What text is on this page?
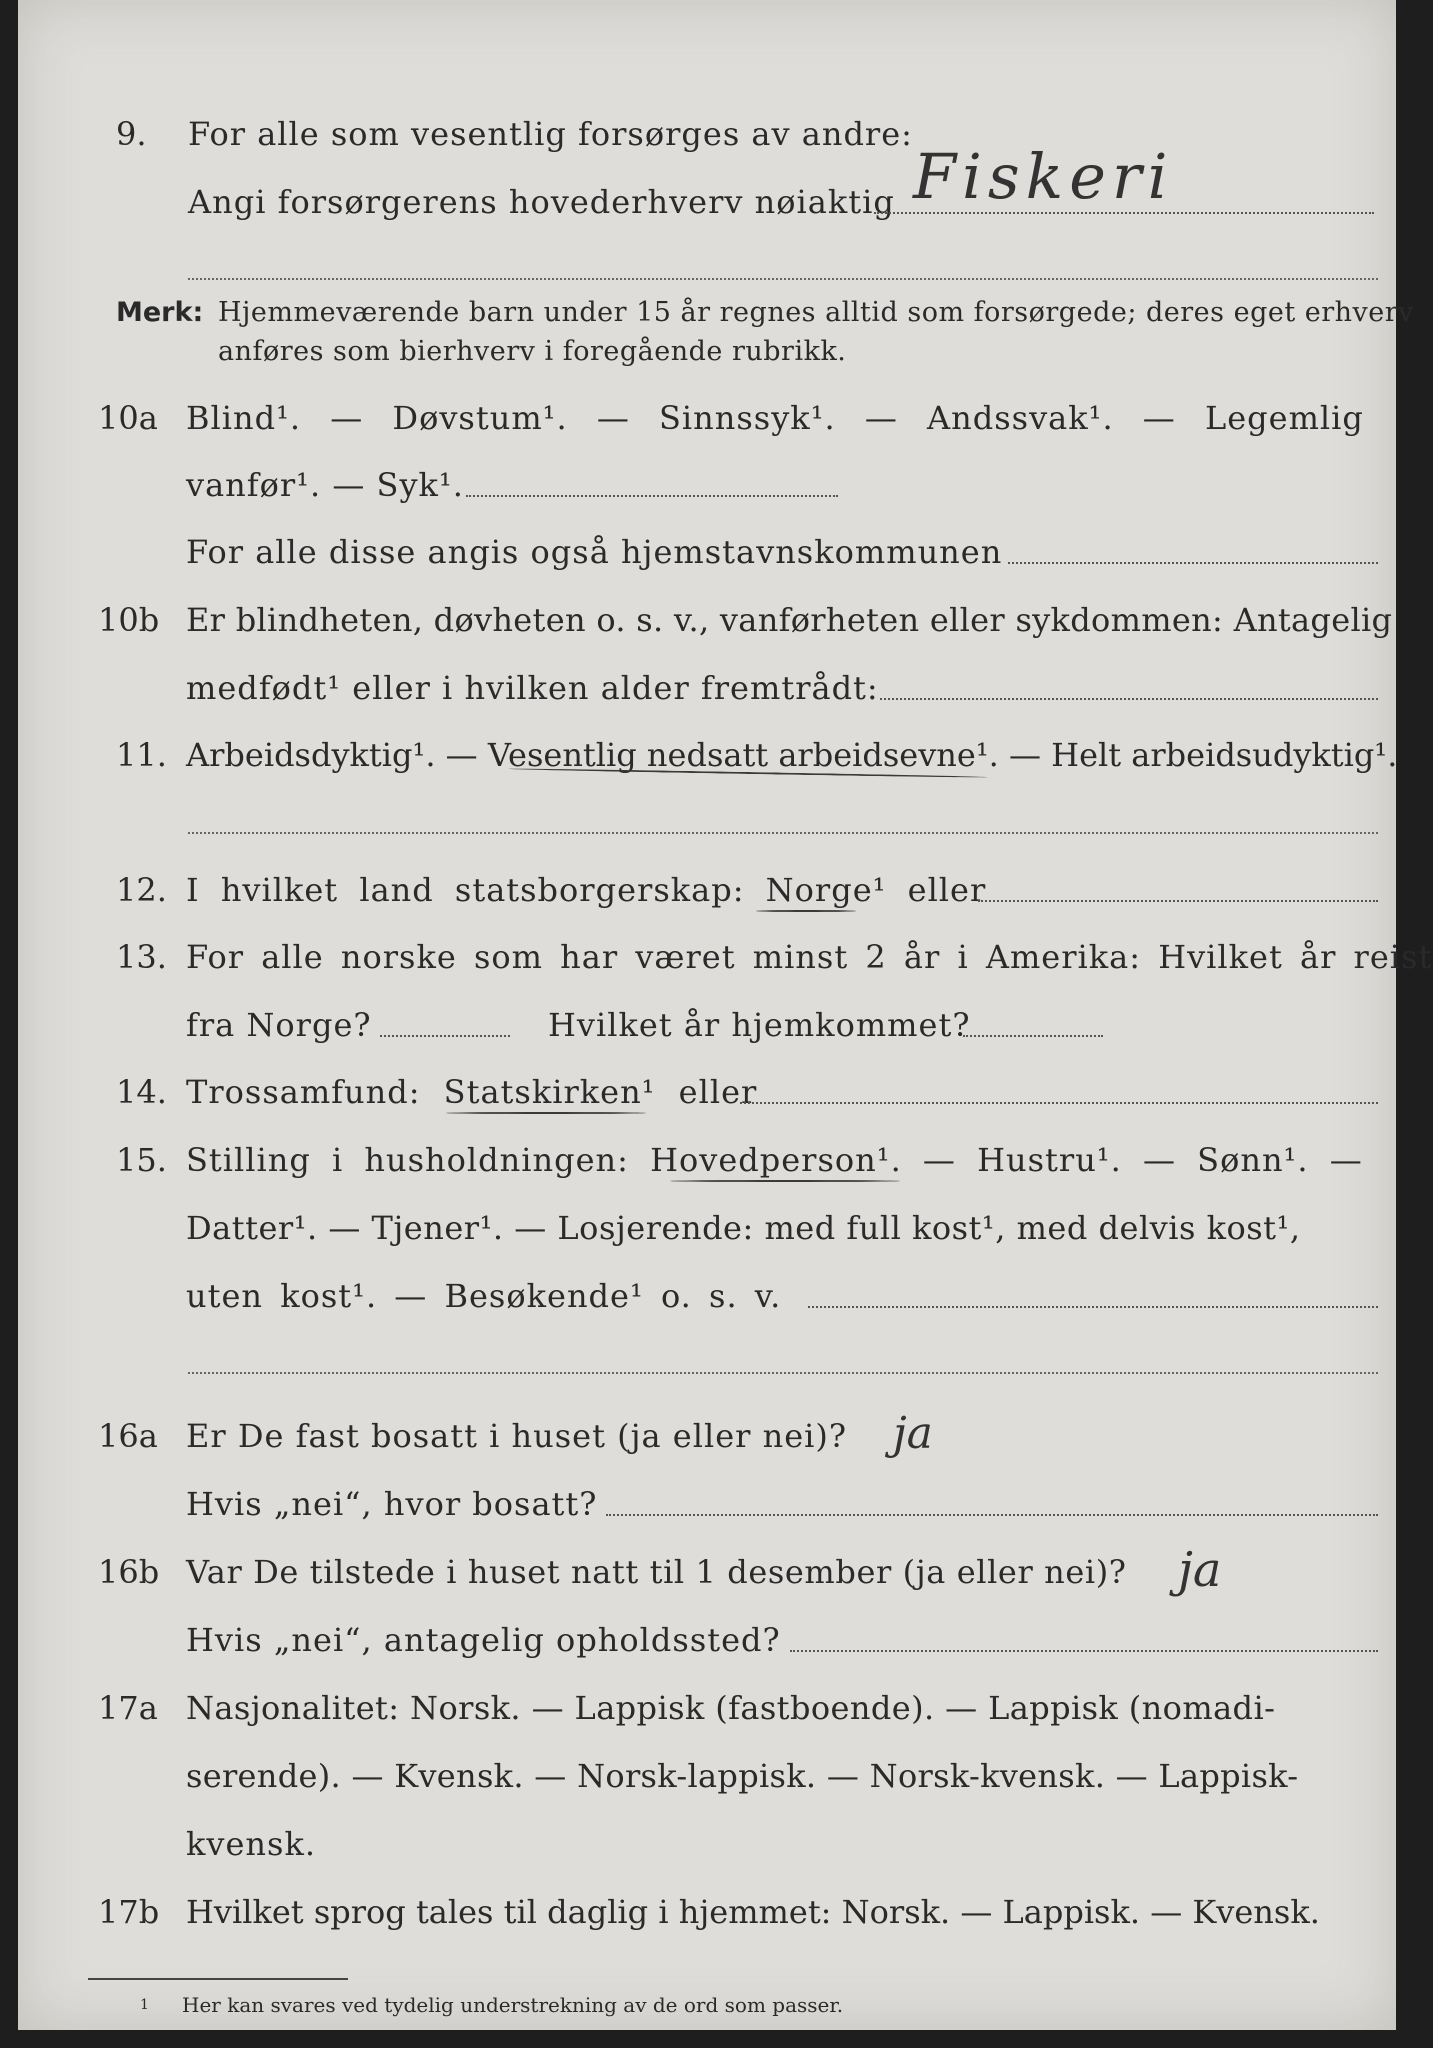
9. For alle som vesentlig forsørges av andre:
Angi forsørgerens hovederhverv nøiaktig Fiskeri
Merk: Hjemmeværende barn under 15 år regnes alltid som forsørgede; deres eget erhverv
anføres som bierhverv i foregående rubrikk.
10a Blind¹. — Døvstum¹. — Sinnssyk¹. — Andssvak¹. — Legemlig
vanfør¹. — Syk¹.
For alle disse angis også hjemstavnskommunen
10b Er blindheten, døvheten o. s. v., vanførheten eller sykdommen: Antagelig
medfødt¹ eller i hvilken alder fremtrådt:
11. Arbeidsdyktig¹. — Vesentlig nedsatt arbeidsevne¹. — Helt arbeidsudyktig¹.
12. I hvilket land statsborgerskap: Norge¹ eller
13. For alle norske som har været minst 2 år i Amerika: Hvilket år reist
fra Norge?	Hvilket år hjemkommet?
14. Trossamfund: Statskirken¹ eller
15. Stilling i husholdningen: Hovedperson¹. — Hustru¹. — Sønn¹. —
Datter¹. — Tjener¹. — Losjerende: med full kost¹, med delvis kost¹,
uten kost¹. — Besøkende¹ o. s. v.
16a Er De fast bosatt i huset (ja eller nei)? ja
Hvis „nei“, hvor bosatt?
16b Var De tilstede i huset natt til 1 desember (ja eller nei)? ja
Hvis „nei“, antagelig opholdssted?
17a Nasjonalitet: Norsk. — Lappisk (fastboende). — Lappisk (nomadi-
serende). — Kvensk. — Norsk-lappisk. — Norsk-kvensk. — Lappisk-
kvensk.
17b Hvilket sprog tales til daglig i hjemmet: Norsk. — Lappisk. — Kvensk.
1 Her kan svares ved tydelig understrekning av de ord som passer.
